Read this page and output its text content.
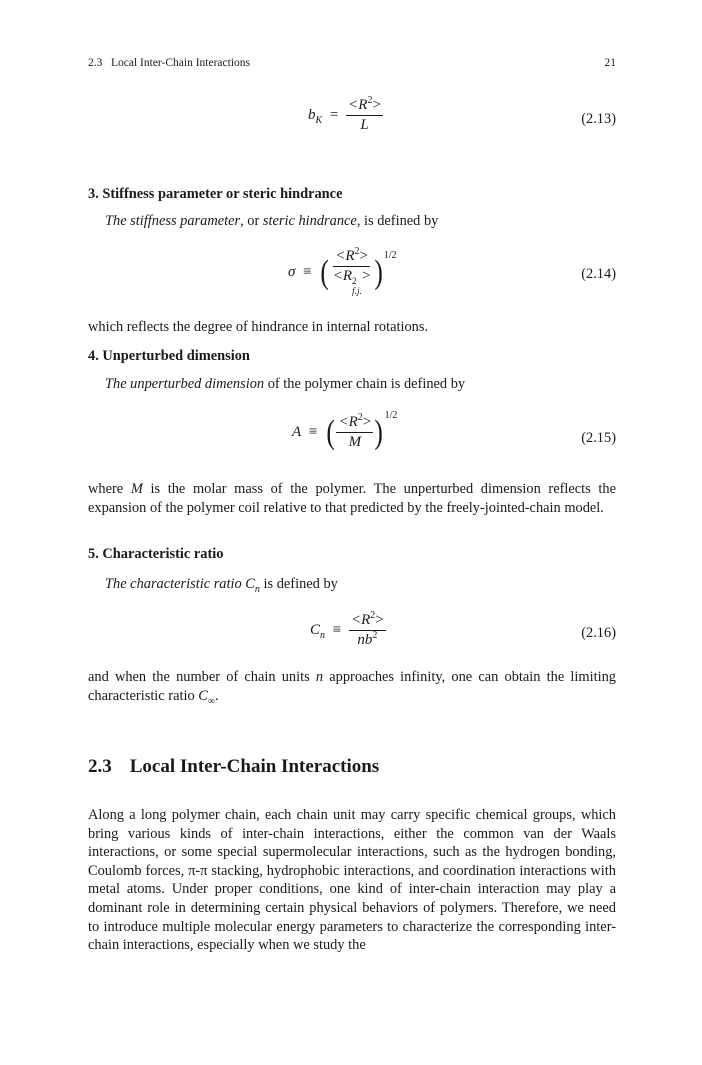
2.3   Local Inter-Chain Interactions	21
$b_K = \frac{<R^2>}{L}$	(2.13)
3. Stiffness parameter or steric hindrance
The stiffness parameter, or steric hindrance, is defined by
σ ≡ ( $<R^2>$
<R 2
f.j.
> )$^{1/2}$
(2.14)
which reflects the degree of hindrance in internal rotations.
4. Unperturbed dimension
The unperturbed dimension of the polymer chain is defined by
A ≡ ( $\frac{<R^2>}{M} )^{1/2}$
(2.15)
where M is the molar mass of the polymer. The unperturbed dimension reflects the expansion of the polymer coil relative to that predicted by the freely-jointed-chain model.
5. Characteristic ratio
The characteristic ratio $C_n$ is defined by
$C_n \equiv \frac{<R^2>}{nb^2}$	(2.16)
and when the number of chain units n approaches infinity, one can obtain the limiting characteristic ratio $C_\infty$.
2.3 Local Inter-Chain Interactions
Along a long polymer chain, each chain unit may carry specific chemical groups, which bring various kinds of inter-chain interactions, either the common van der Waals interactions, or some special supermolecular interactions, such as the hydrogen bonding, Coulomb forces, π-π stacking, hydrophobic interactions, and coordination interactions with metal atoms. Under proper conditions, one kind of inter-chain interaction may play a dominant role in determining certain physical behaviors of polymers. Therefore, we need to introduce multiple molecular energy parameters to characterize the corresponding inter-chain interactions, especially when we study the
